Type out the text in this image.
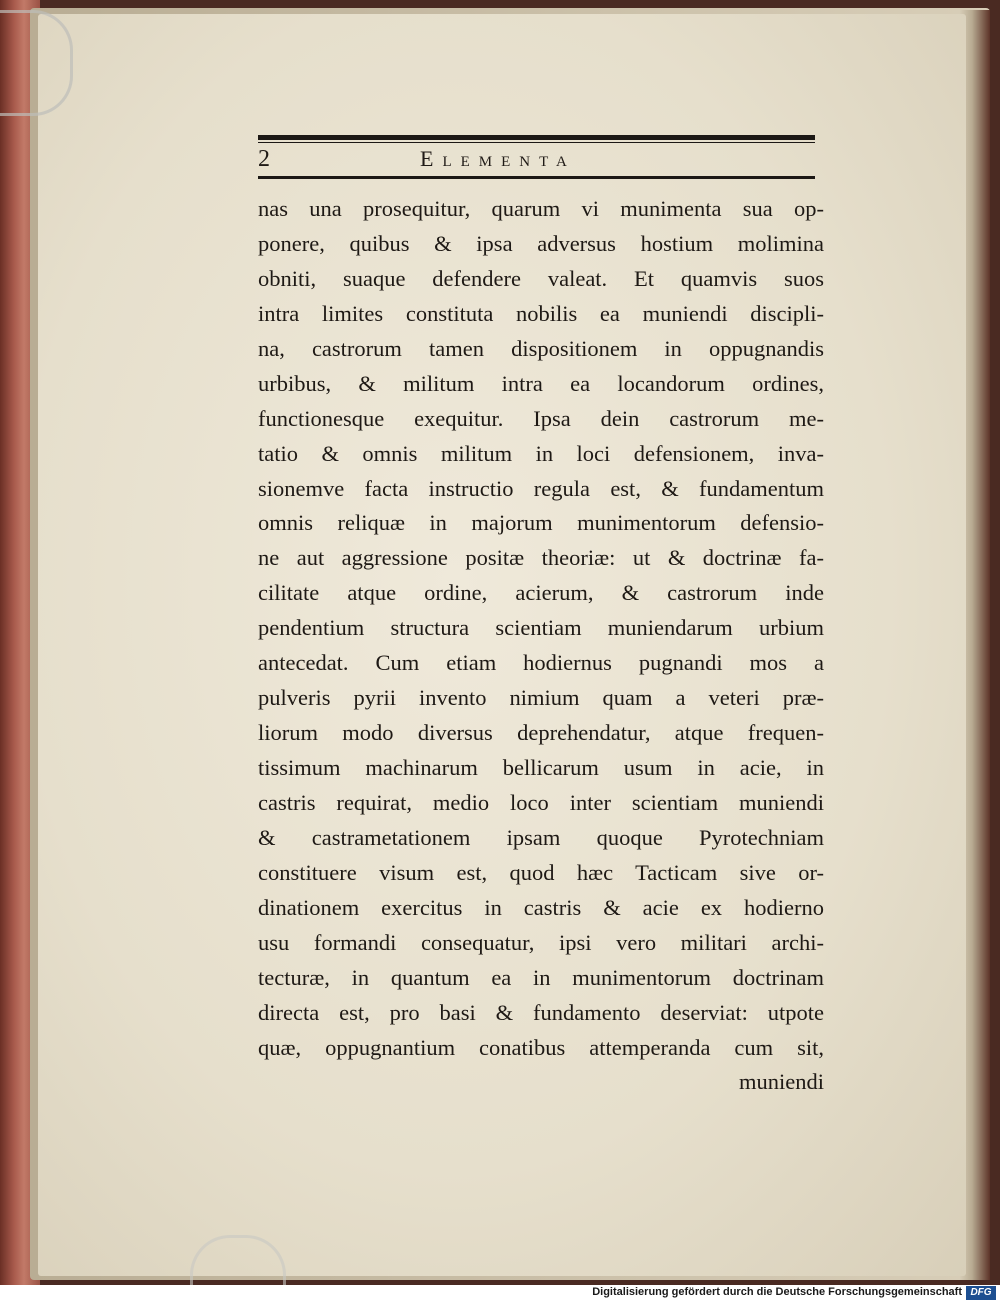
2	Elementa
nas una prosequitur, quarum vi munimenta sua op-
ponere, quibus & ipsa adversus hostium molimina
obniti, suaque defendere valeat. Et quamvis suos
intra limites constituta nobilis ea muniendi discipli-
na, castrorum tamen dispositionem in oppugnandis
urbibus, & militum intra ea locandorum ordines,
functionesque exequitur. Ipsa dein castrorum me-
tatio & omnis militum in loci defensionem, inva-
sionemve facta instructio regula est, & fundamentum
omnis reliquæ in majorum munimentorum defensio-
ne aut aggressione positæ theoriæ: ut & doctrinæ fa-
cilitate atque ordine, acierum, & castrorum inde
pendentium structura scientiam muniendarum urbium
antecedat. Cum etiam hodiernus pugnandi mos a
pulveris pyrii invento nimium quam a veteri præ-
liorum modo diversus deprehendatur, atque frequen-
tissimum machinarum bellicarum usum in acie, in
castris requirat, medio loco inter scientiam muniendi
& castrametationem ipsam quoque Pyrotechniam
constituere visum est, quod hæc Tacticam sive or-
dinationem exercitus in castris & acie ex hodierno
usu formandi consequatur, ipsi vero militari archi-
tecturæ, in quantum ea in munimentorum doctrinam
directa est, pro basi & fundamento deserviat: utpote
quæ, oppugnantium conatibus attemperanda cum sit,
muniendi
Digitalisierung gefördert durch die Deutsche Forschungsgemeinschaft DFG
